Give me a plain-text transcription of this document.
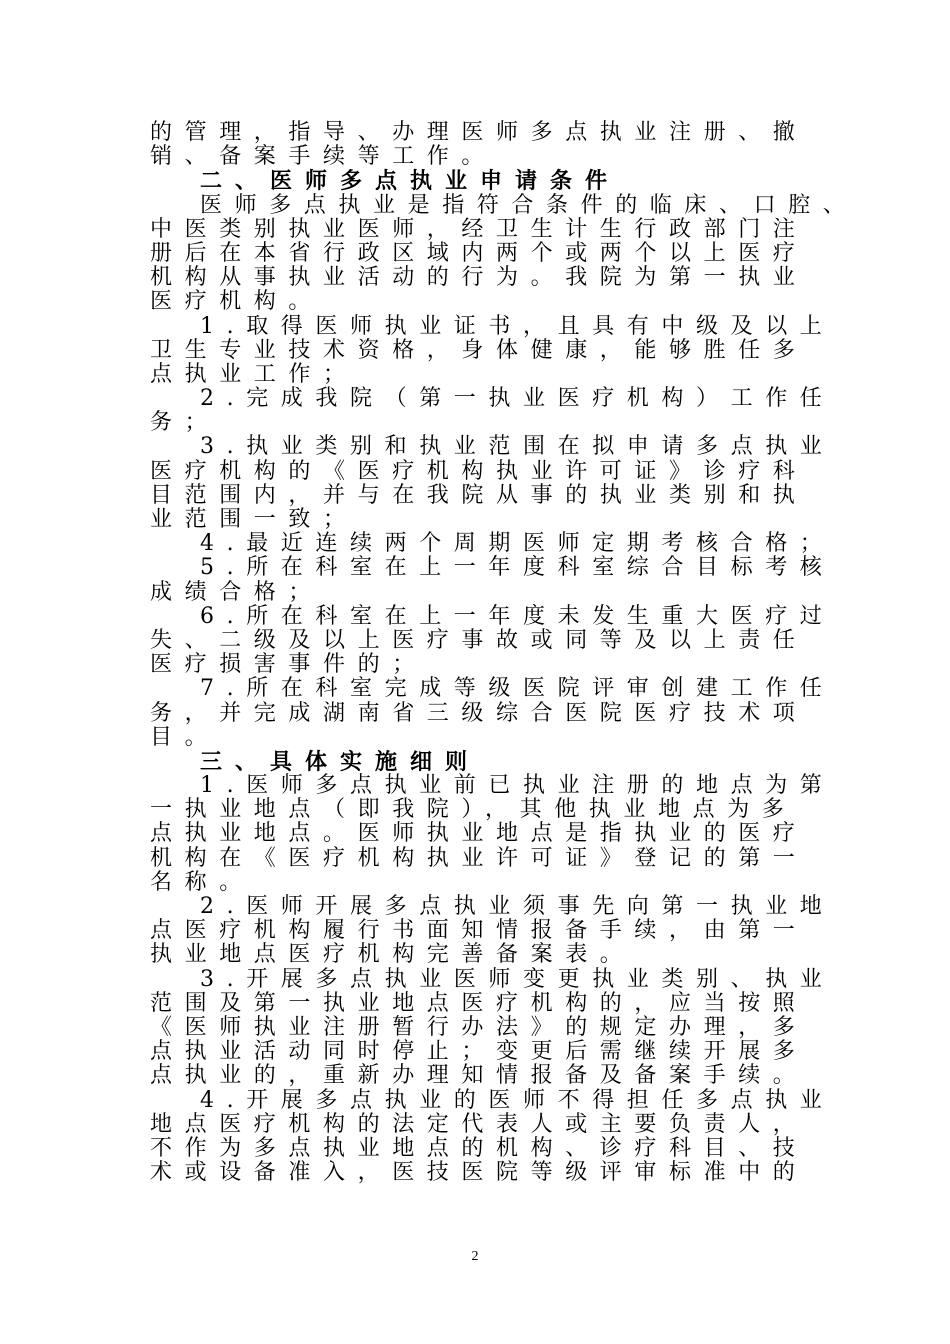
的管理，指导、办理医师多点执业注册、撤
销、备案手续等工作。
二、医师多点执业申请条件
医师多点执业是指符合条件的临床、口腔、
中医类别执业医师，经卫生计生行政部门注
册后在本省行政区域内两个或两个以上医疗
机构从事执业活动的行为。我院为第一执业
医疗机构。
1.取得医师执业证书，且具有中级及以上
卫生专业技术资格，身体健康，能够胜任多
点执业工作；
2.完成我院（第一执业医疗机构）工作任
务；
3.执业类别和执业范围在拟申请多点执业
医疗机构的《医疗机构执业许可证》诊疗科
目范围内，并与在我院从事的执业类别和执
业范围一致；
4.最近连续两个周期医师定期考核合格；
5.所在科室在上一年度科室综合目标考核
成绩合格；
6.所在科室在上一年度未发生重大医疗过
失、二级及以上医疗事故或同等及以上责任
医疗损害事件的；
7.所在科室完成等级医院评审创建工作任
务，并完成湖南省三级综合医院医疗技术项
目。
三、具体实施细则
1.医师多点执业前已执业注册的地点为第
一执业地点（即我院），其他执业地点为多
点执业地点。医师执业地点是指执业的医疗
机构在《医疗机构执业许可证》登记的第一
名称。
2.医师开展多点执业须事先向第一执业地
点医疗机构履行书面知情报备手续，由第一
执业地点医疗机构完善备案表。
3.开展多点执业医师变更执业类别、执业
范围及第一执业地点医疗机构的，应当按照
《医师执业注册暂行办法》的规定办理，多
点执业活动同时停止；变更后需继续开展多
点执业的，重新办理知情报备及备案手续。
4.开展多点执业的医师不得担任多点执业
地点医疗机构的法定代表人或主要负责人，
不作为多点执业地点的机构、诊疗科目、技
术或设备准入，医技医院等级评审标准中的
2
